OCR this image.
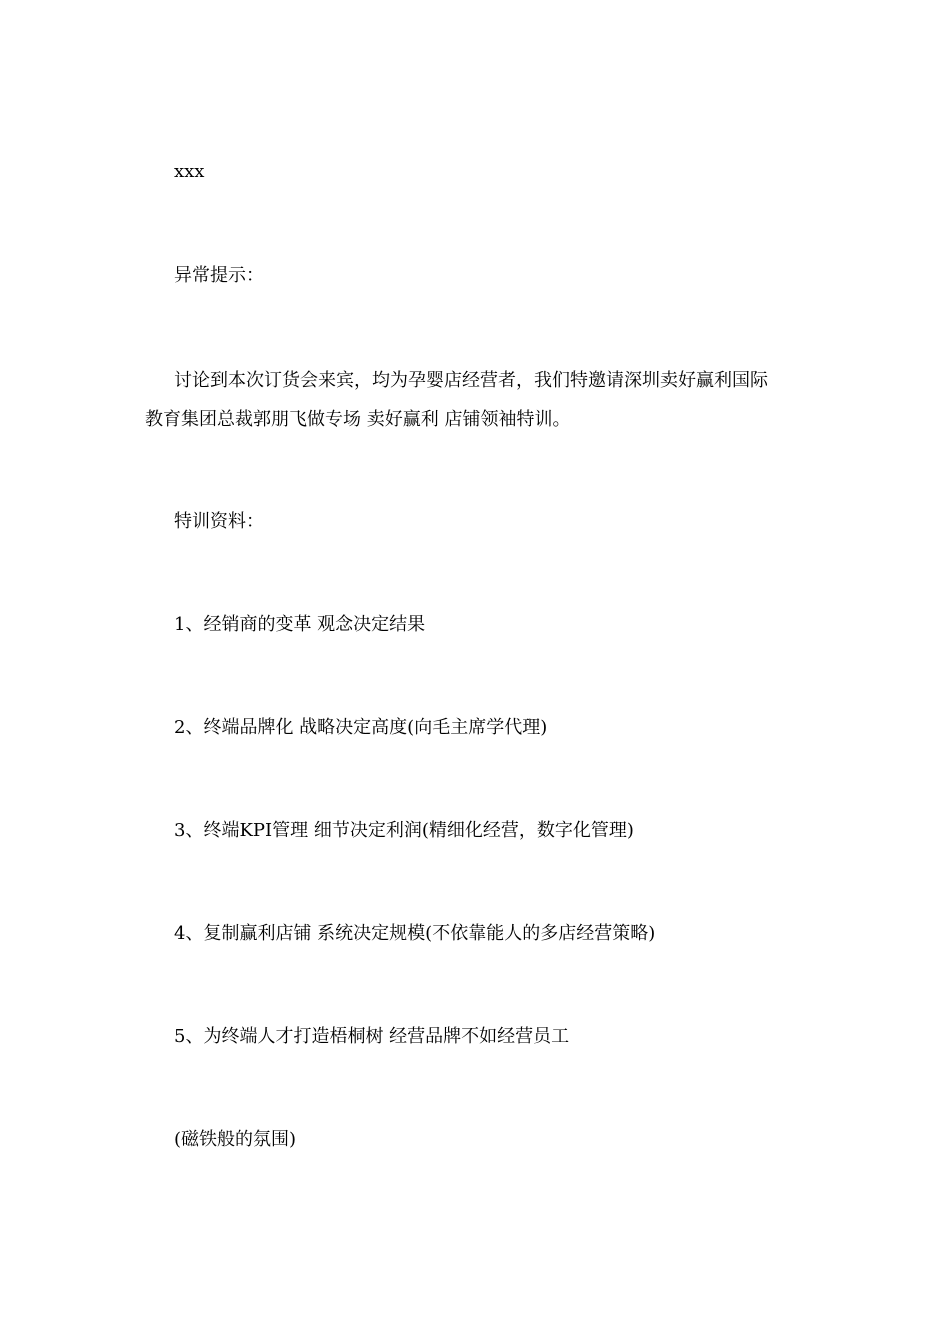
xxx
异常提示：
讨论到本次订货会来宾，均为孕婴店经营者，我们特邀请深圳卖好赢利国际
教育集团总裁郭朋飞做专场 卖好赢利 店铺领袖特训。
特训资料：
1、经销商的变革 观念决定结果
2、终端品牌化 战略决定高度(向毛主席学代理)
3、终端KPI管理 细节决定利润(精细化经营，数字化管理)
4、复制赢利店铺 系统决定规模(不依靠能人的多店经营策略)
5、为终端人才打造梧桐树 经营品牌不如经营员工
(磁铁般的氛围)
